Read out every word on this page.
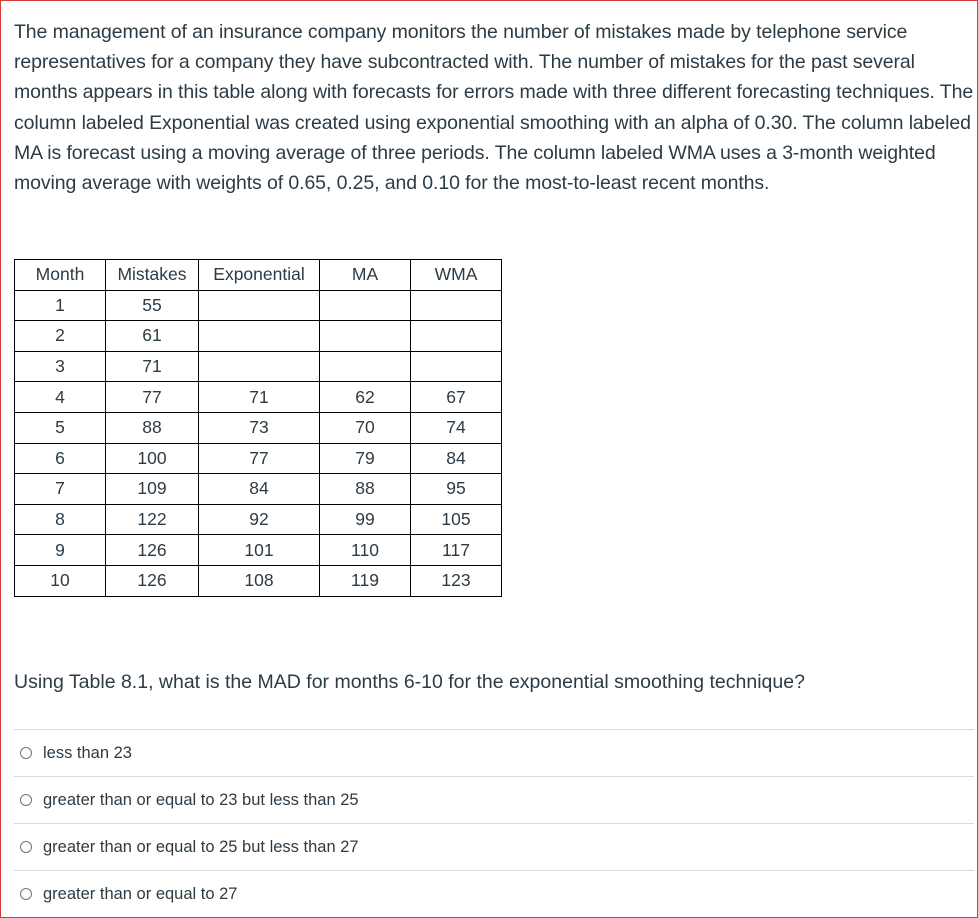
The management of an insurance company monitors the number of mistakes made by telephone service representatives for a company they have subcontracted with. The number of mistakes for the past several months appears in this table along with forecasts for errors made with three different forecasting techniques. The column labeled Exponential was created using exponential smoothing with an alpha of 0.30. The column labeled MA is forecast using a moving average of three periods. The column labeled WMA uses a 3-month weighted moving average with weights of 0.65, 0.25, and 0.10 for the most-to-least recent months.
Month	Mistakes	Exponential	MA	WMA
1	55			
2	61			
3	71			
4	77	71	62	67
5	88	73	70	74
6	100	77	79	84
7	109	84	88	95
8	122	92	99	105
9	126	101	110	117
10	126	108	119	123
Using Table 8.1, what is the MAD for months 6-10 for the exponential smoothing technique?
less than 23
greater than or equal to 23 but less than 25
greater than or equal to 25 but less than 27
greater than or equal to 27
